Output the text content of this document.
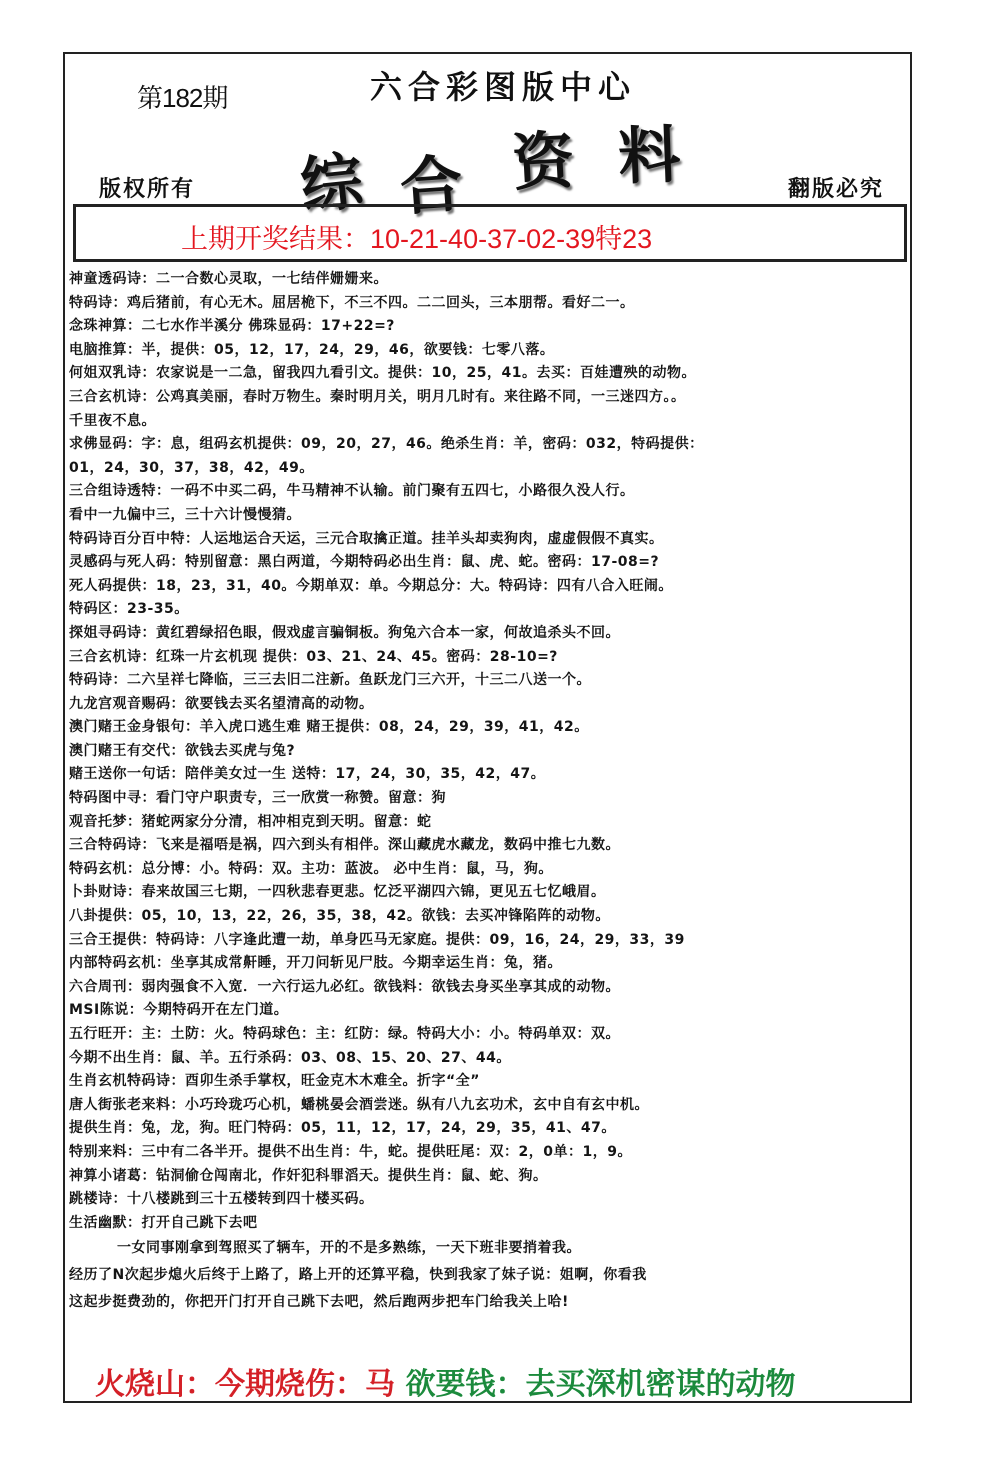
第182期	六合彩图版中心
综 合 资 料
版权所有	翻版必究
上期开奖结果：10-21-40-37-02-39特23
神童透码诗：二一合数心灵取，一七结伴姗姗来。
特码诗：鸡后猪前，有心无木。屈居桅下，不三不四。二二回头，三本朋帮。看好二一。
念珠神算：二七水作半溪分 佛珠显码：17+22=?
电脑推算：半，提供：05，12，17，24，29，46，欲要钱：七零八落。
何姐双乳诗：农家说是一二急，留我四九看引文。提供：10，25，41。去买：百娃遭殃的动物。
三合玄机诗：公鸡真美丽，春时万物生。秦时明月关，明月几时有。来往路不同，一三迷四方。。
千里夜不息。
求佛显码：字：息，组码玄机提供：09，20，27，46。绝杀生肖：羊，密码：032，特码提供：
01，24，30，37，38，42，49。
三合组诗透特：一码不中买二码，牛马精神不认输。前门聚有五四七，小路很久没人行。
看中一九偏中三，三十六计慢慢猜。
特码诗百分百中特：人运地运合天运，三元合取擒正道。挂羊头却卖狗肉，虚虚假假不真实。
灵感码与死人码：特别留意：黑白两道，今期特码必出生肖：鼠、虎、蛇。密码：17-08=?
死人码提供：18，23，31，40。今期单双：单。今期总分：大。特码诗：四有八合入旺闹。
特码区：23-35。
探姐寻码诗：黄红碧绿招色眼，假戏虚言骗铜板。狗兔六合本一家，何故追杀头不回。
三合玄机诗：红珠一片玄机现 提供：03、21、24、45。密码：28-10=?
特码诗：二六呈祥七降临，三三去旧二注新。鱼跃龙门三六开，十三二八送一个。
九龙宫观音赐码：欲要钱去买名望清高的动物。
澳门赌王金身银句：羊入虎口逃生难 赌王提供：08，24，29，39，41，42。
澳门赌王有交代：欲钱去买虎与兔?
赌王送你一句话：陪伴美女过一生 送特：17，24，30，35，42，47。
特码图中寻：看门守户职责专，三一欣赏一称赞。留意：狗
观音托梦：猪蛇两家分分清，相冲相克到天明。留意：蛇
三合特码诗：飞来是福唔是祸，四六到头有相伴。深山藏虎水藏龙，数码中推七九数。
特码玄机：总分博：小。特码：双。主功：蓝波。 必中生肖：鼠，马，狗。
卜卦财诗：春来故国三七期，一四秋悲春更悲。忆泛平湖四六锦，更见五七忆峨眉。
八卦提供：05，10，13，22，26，35，38，42。欲钱：去买冲锋陷阵的动物。
三合王提供：特码诗：八字逢此遭一劫，单身匹马无家庭。提供：09，16，24，29，33，39
内部特码玄机：坐享其成常鼾睡，开刀问斩见尸肢。今期幸运生肖：兔，猪。
六合周刊：弱肉强食不入宽．一六行运九必红。欲钱料：欲钱去身买坐享其成的动物。
MSI陈说：今期特码开在左门道。
五行旺开：主：土防：火。特码球色：主：红防：绿。特码大小：小。特码单双：双。
今期不出生肖：鼠、羊。五行杀码：03、08、15、20、27、44。
生肖玄机特码诗：酉卯生杀手掌权，旺金克木木难全。折字“全”
唐人街张老来料：小巧玲珑巧心机，蟠桃晏会酒尝迷。纵有八九玄功术，玄中自有玄中机。
提供生肖：兔，龙，狗。旺门特码：05，11，12，17，24，29，35，41、47。
特别来料：三中有二各半开。提供不出生肖：牛，蛇。提供旺尾：双：2，0单：1，9。
神算小诸葛：钻洞偷仓闯南北，作奸犯科罪滔天。提供生肖：鼠、蛇、狗。
跳楼诗：十八楼跳到三十五楼转到四十楼买码。
生活幽默：打开自己跳下去吧
一女同事刚拿到驾照买了辆车，开的不是多熟练，一天下班非要捎着我。
经历了N次起步熄火后终于上路了，路上开的还算平稳，快到我家了妹子说：姐啊，你看我
这起步挺费劲的，你把开门打开自己跳下去吧，然后跑两步把车门给我关上哈!
火烧山：今期烧伤：马 欲要钱：去买深机密谋的动物
